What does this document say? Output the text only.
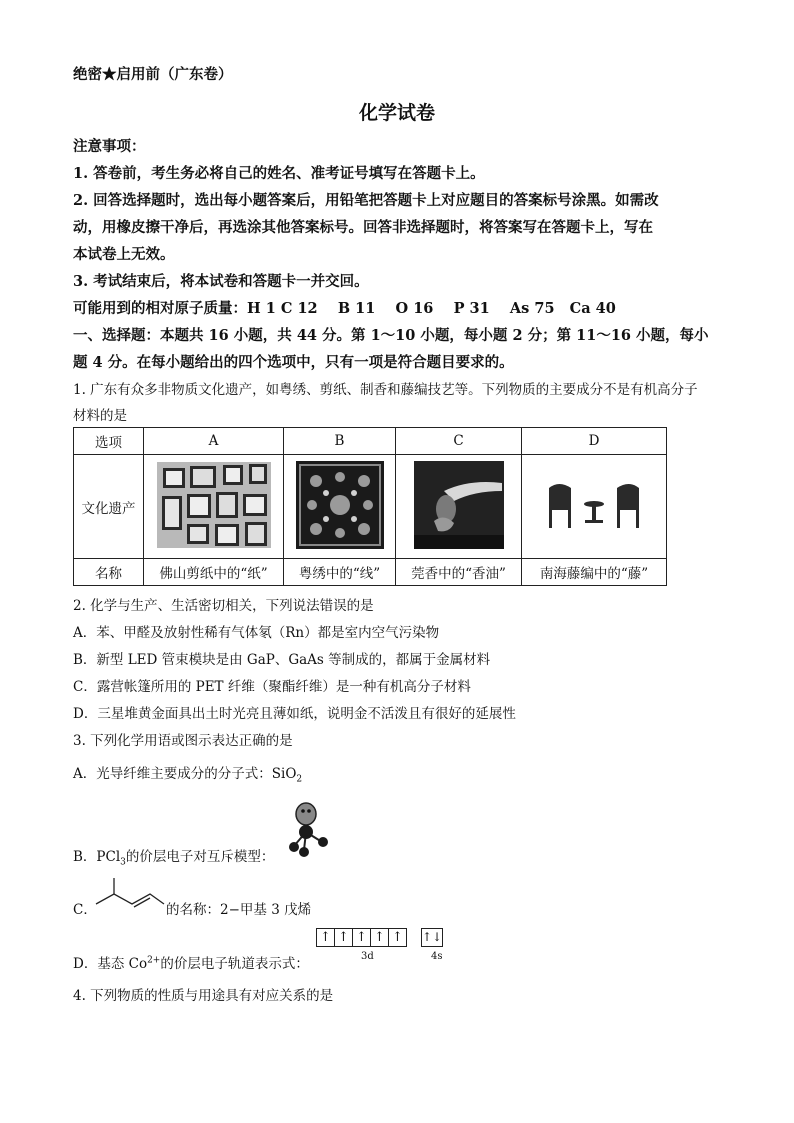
绝密★启用前（广东卷）
化学试卷
注意事项：
1. 答卷前，考生务必将自己的姓名、准考证号填写在答题卡上。
2. 回答选择题时，选出每小题答案后，用铅笔把答题卡上对应题目的答案标号涂黑。如需改
动，用橡皮擦干净后，再选涂其他答案标号。回答非选择题时，将答案写在答题卡上，写在
本试卷上无效。
3. 考试结束后，将本试卷和答题卡一并交回。
可能用到的相对原子质量：H 1 C 12    B 11    O 16    P 31    As 75   Ca 40
一、选择题：本题共 16 小题，共 44 分。第 1～10 小题，每小题 2 分；第 11～16 小题，每小
题 4 分。在每小题给出的四个选项中，只有一项是符合题目要求的。
1. 广东有众多非物质文化遗产，如粤绣、剪纸、制香和藤编技艺等。下列物质的主要成分不是有机高分子
材料的是
选项	A	B	C	D
文化遗产				
名称	佛山剪纸中的“纸”	粤绣中的“线”	莞香中的“香油”	南海藤编中的“藤”
2. 化学与生产、生活密切相关，下列说法错误的是
A．苯、甲醛及放射性稀有气体氡（Rn）都是室内空气污染物
B．新型 LED 管束模块是由 GaP、GaAs 等制成的，都属于金属材料
C．露营帐篷所用的 PET 纤维（聚酯纤维）是一种有机高分子材料
D．三星堆黄金面具出土时光亮且薄如纸，说明金不活泼且有很好的延展性
3. 下列化学用语或图示表达正确的是
A．光导纤维主要成分的分子式：SiO$_2$
B．PCl$_3$的价层电子对互斥模型：
C．	的名称：2−甲基 3 戊烯
D．基态 $Co^{2+}$的价层电子轨道表示式：
↑ ↑ ↑ ↑ ↑ ↑↓
3d	4s
4. 下列物质的性质与用途具有对应关系的是
